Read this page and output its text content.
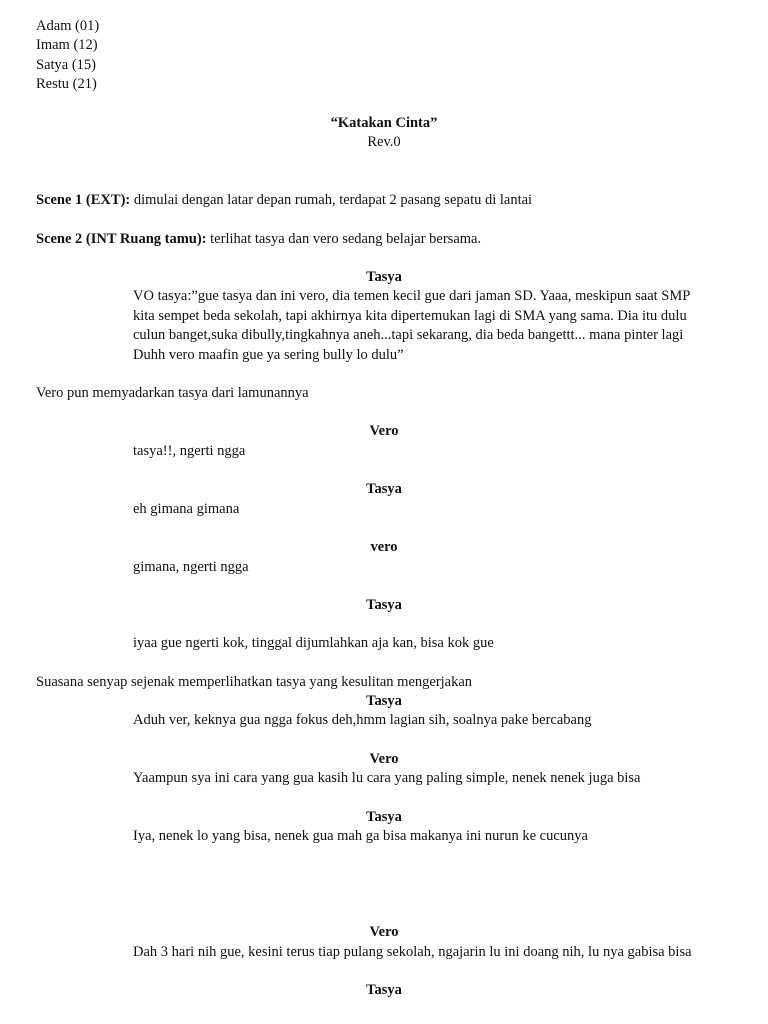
Adam (01)
Imam (12)
Satya (15)
Restu (21)
“Katakan Cinta”
Rev.0
Scene 1 (EXT): dimulai dengan latar depan rumah, terdapat 2 pasang sepatu di lantai
Scene 2 (INT Ruang tamu): terlihat tasya dan vero sedang belajar bersama.
Tasya
VO tasya:”gue tasya dan ini vero, dia temen kecil gue dari jaman SD. Yaaa, meskipun saat SMP
kita sempet beda sekolah, tapi akhirnya kita dipertemukan lagi di SMA yang sama. Dia itu dulu
culun banget,suka dibully,tingkahnya aneh...tapi sekarang, dia beda bangettt... mana pinter lagi
Duhh vero maafin gue ya sering bully lo dulu”
Vero pun memyadarkan tasya dari lamunannya
Vero
tasya!!, ngerti ngga
Tasya
eh gimana gimana
vero
gimana, ngerti ngga
Tasya
iyaa gue ngerti kok, tinggal dijumlahkan aja kan, bisa kok gue
Suasana senyap sejenak memperlihatkan tasya yang kesulitan mengerjakan
Tasya
Aduh ver, keknya gua ngga fokus deh,hmm lagian sih, soalnya pake bercabang
Vero
Yaampun sya ini cara yang gua kasih lu cara yang paling simple, nenek nenek juga bisa
Tasya
Iya, nenek lo yang bisa, nenek gua mah ga bisa makanya ini nurun ke cucunya
Vero
Dah 3 hari nih gue, kesini terus tiap pulang sekolah, ngajarin lu ini doang nih, lu nya gabisa bisa
Tasya
